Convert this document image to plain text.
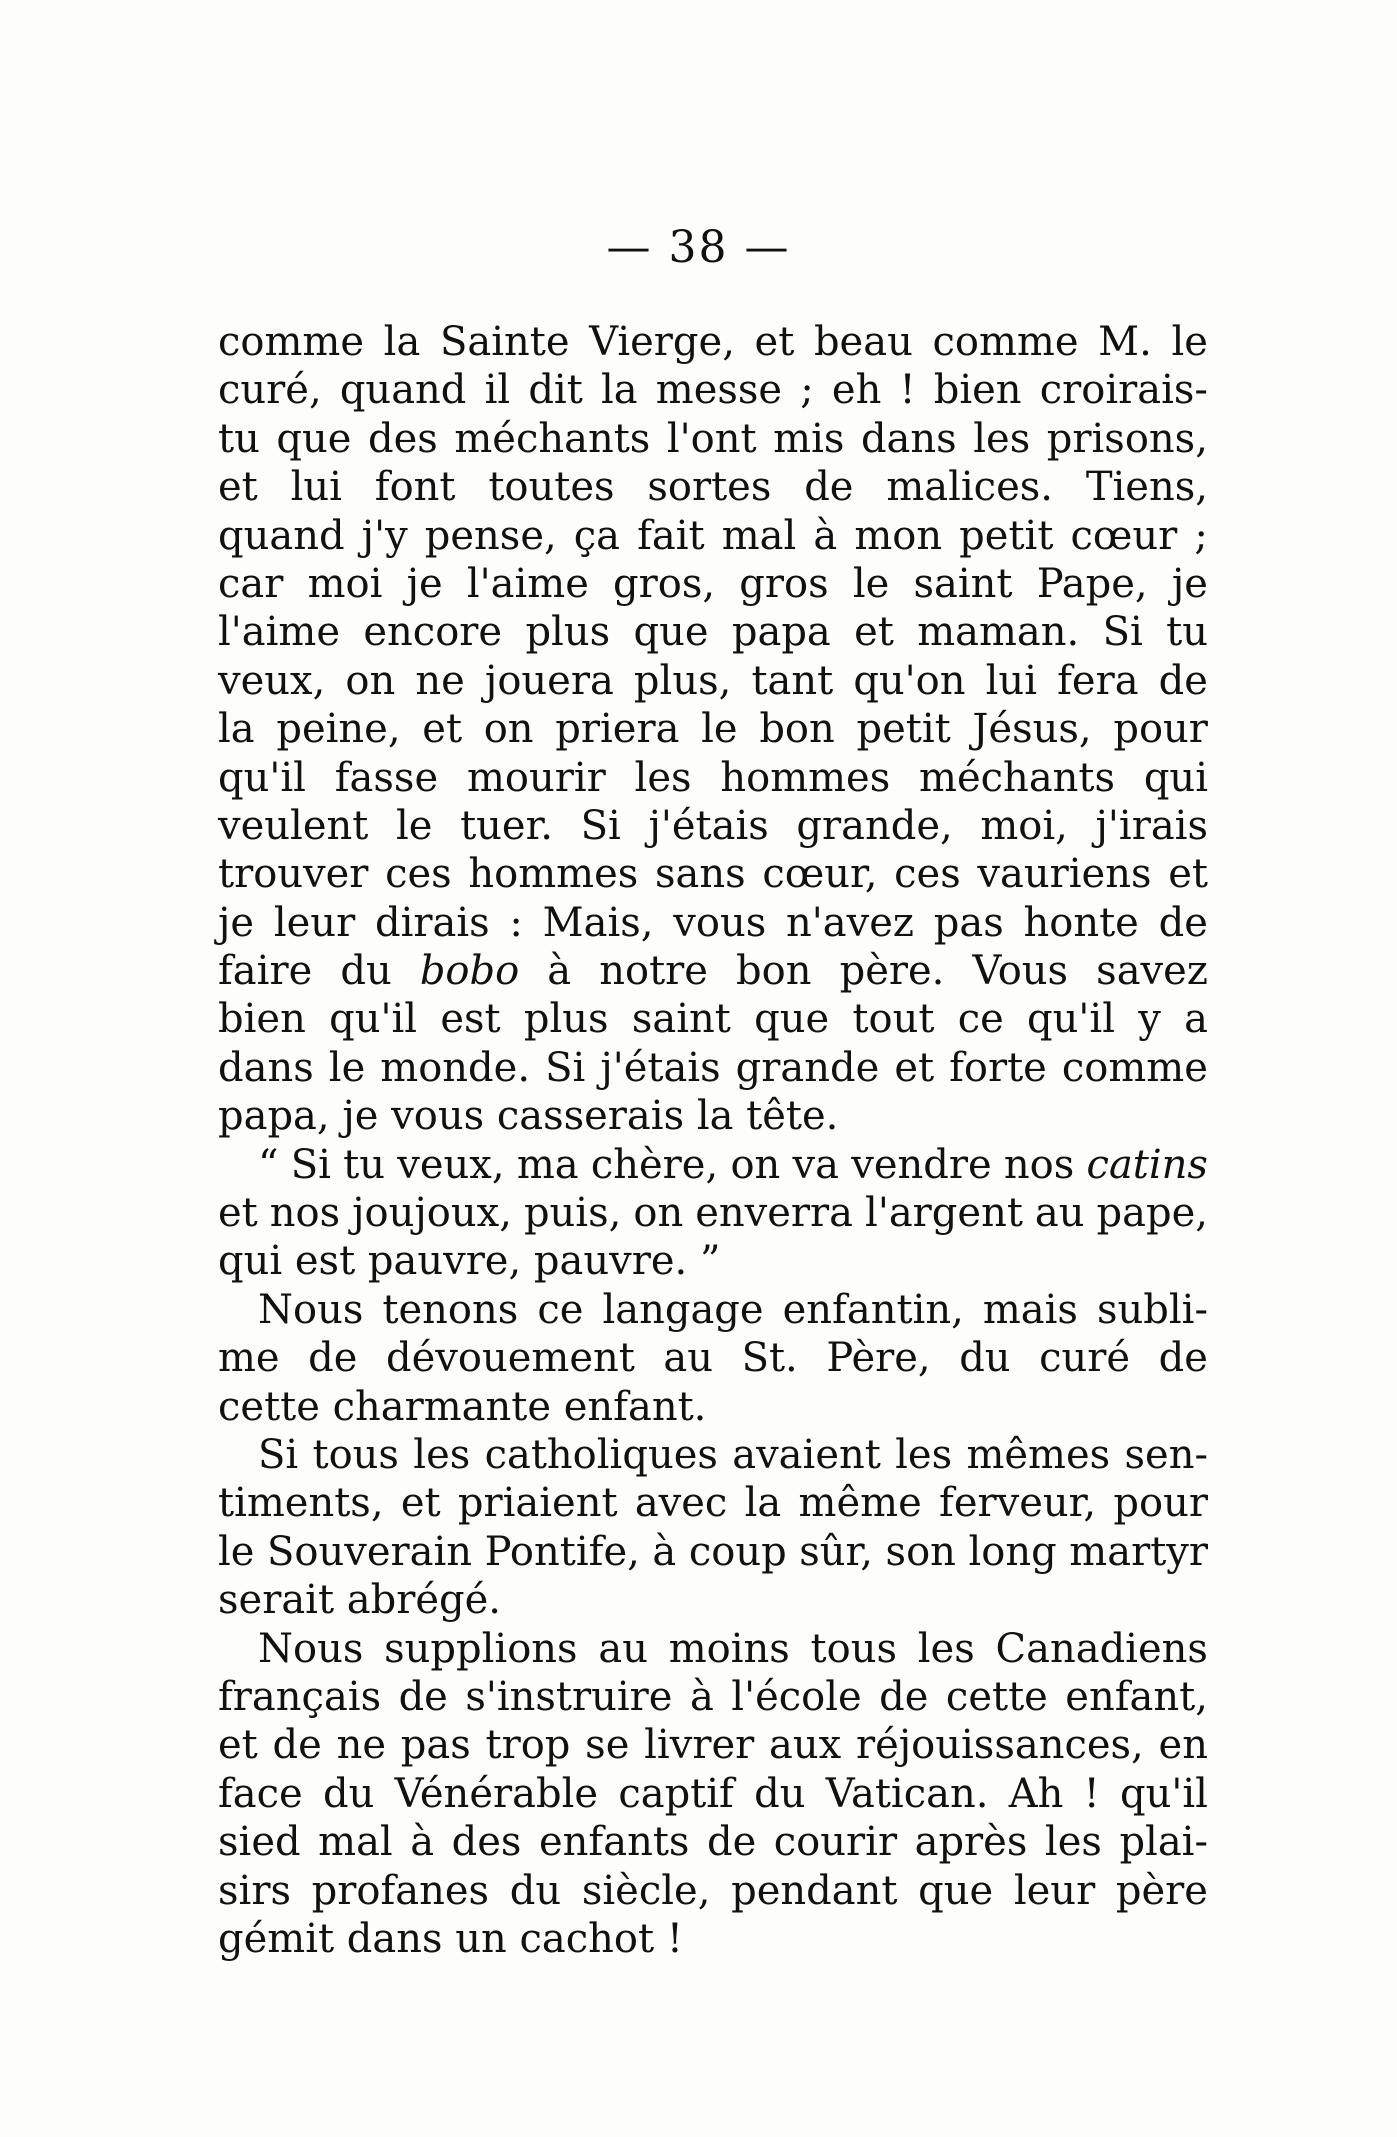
— 38 —
comme la Sainte Vierge, et beau comme M. le
curé, quand il dit la messe ; eh ! bien croirais-
tu que des méchants l'ont mis dans les prisons,
et lui font toutes sortes de malices. Tiens,
quand j'y pense, ça fait mal à mon petit cœur ;
car moi je l'aime gros, gros le saint Pape, je
l'aime encore plus que papa et maman. Si tu
veux, on ne jouera plus, tant qu'on lui fera de
la peine, et on priera le bon petit Jésus, pour
qu'il fasse mourir les hommes méchants qui
veulent le tuer. Si j'étais grande, moi, j'irais
trouver ces hommes sans cœur, ces vauriens et
je leur dirais : Mais, vous n'avez pas honte de
faire du bobo à notre bon père. Vous savez
bien qu'il est plus saint que tout ce qu'il y a
dans le monde. Si j'étais grande et forte comme
papa, je vous casserais la tête.
“ Si tu veux, ma chère, on va vendre nos catins
et nos joujoux, puis, on enverra l'argent au pape,
qui est pauvre, pauvre. ”
Nous tenons ce langage enfantin, mais subli-
me de dévouement au St. Père, du curé de
cette charmante enfant.
Si tous les catholiques avaient les mêmes sen-
timents, et priaient avec la même ferveur, pour
le Souverain Pontife, à coup sûr, son long martyr
serait abrégé.
Nous supplions au moins tous les Canadiens
français de s'instruire à l'école de cette enfant,
et de ne pas trop se livrer aux réjouissances, en
face du Vénérable captif du Vatican. Ah ! qu'il
sied mal à des enfants de courir après les plai-
sirs profanes du siècle, pendant que leur père
gémit dans un cachot !
